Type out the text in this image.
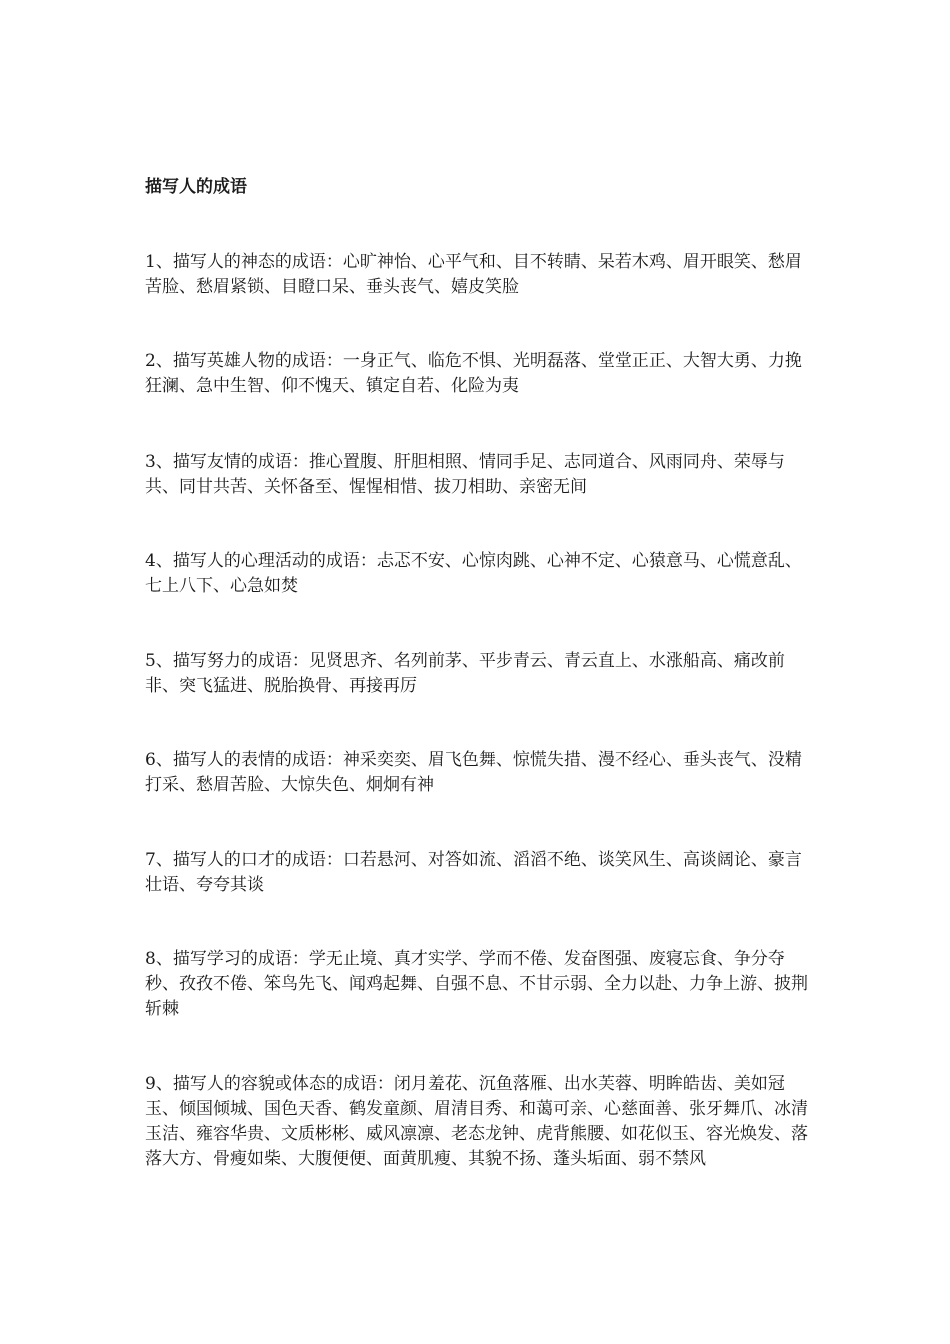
描写人的成语

1、描写人的神态的成语：心旷神怡、心平气和、目不转睛、呆若木鸡、眉开眼笑、愁眉苦脸、愁眉紧锁、目瞪口呆、垂头丧气、嬉皮笑脸

2、描写英雄人物的成语：一身正气、临危不惧、光明磊落、堂堂正正、大智大勇、力挽狂澜、急中生智、仰不愧天、镇定自若、化险为夷

3、描写友情的成语：推心置腹、肝胆相照、情同手足、志同道合、风雨同舟、荣辱与共、同甘共苦、关怀备至、惺惺相惜、拔刀相助、亲密无间

4、描写人的心理活动的成语：忐忑不安、心惊肉跳、心神不定、心猿意马、心慌意乱、七上八下、心急如焚

5、描写努力的成语：见贤思齐、名列前茅、平步青云、青云直上、水涨船高、痛改前非、突飞猛进、脱胎换骨、再接再厉

6、描写人的表情的成语：神采奕奕、眉飞色舞、惊慌失措、漫不经心、垂头丧气、没精打采、愁眉苦脸、大惊失色、炯炯有神

7、描写人的口才的成语：口若悬河、对答如流、滔滔不绝、谈笑风生、高谈阔论、豪言壮语、夸夸其谈

8、描写学习的成语：学无止境、真才实学、学而不倦、发奋图强、废寝忘食、争分夺秒、孜孜不倦、笨鸟先飞、闻鸡起舞、自强不息、不甘示弱、全力以赴、力争上游、披荆斩棘

9、描写人的容貌或体态的成语：闭月羞花、沉鱼落雁、出水芙蓉、明眸皓齿、美如冠玉、倾国倾城、国色天香、鹤发童颜、眉清目秀、和蔼可亲、心慈面善、张牙舞爪、冰清玉洁、雍容华贵、文质彬彬、威风凛凛、老态龙钟、虎背熊腰、如花似玉、容光焕发、落落大方、骨瘦如柴、大腹便便、面黄肌瘦、其貌不扬、蓬头垢面、弱不禁风
